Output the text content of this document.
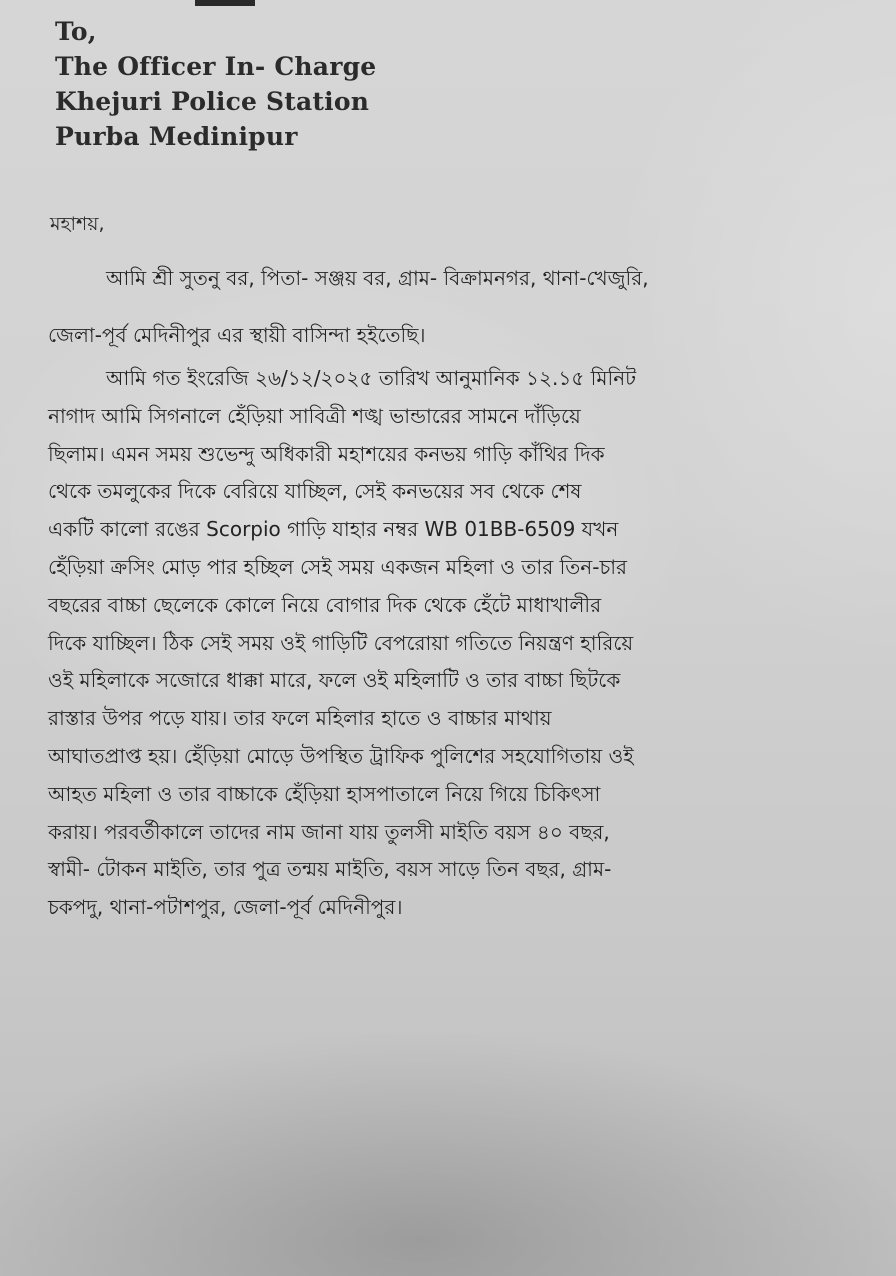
To,
The Officer In- Charge
Khejuri Police Station
Purba Medinipur
মহাশয়,
আমি শ্রী সুতনু বর, পিতা- সঞ্জয় বর, গ্রাম- বিক্রামনগর, থানা-খেজুরি,
জেলা-পূর্ব মেদিনীপুর এর স্থায়ী বাসিন্দা হইতেছি।
আমি গত ইংরেজি ২৬/১২/২০২৫ তারিখ আনুমানিক ১২.১৫ মিনিট
নাগাদ আমি সিগনালে হেঁড়িয়া সাবিত্রী শঙ্খ ভান্ডারের সামনে দাঁড়িয়ে
ছিলাম। এমন সময় শুভেন্দু অধিকারী মহাশয়ের কনভয় গাড়ি কাঁথির দিক
থেকে তমলুকের দিকে বেরিয়ে যাচ্ছিল, সেই কনভয়ের সব থেকে শেষ
একটি কালো রঙের Scorpio গাড়ি যাহার নম্বর WB 01BB-6509 যখন
হেঁড়িয়া ক্রসিং মোড় পার হচ্ছিল সেই সময় একজন মহিলা ও তার তিন-চার
বছরের বাচ্চা ছেলেকে কোলে নিয়ে বোগার দিক থেকে হেঁটে মাধাখালীর
দিকে যাচ্ছিল। ঠিক সেই সময় ওই গাড়িটি বেপরোয়া গতিতে নিয়ন্ত্রণ হারিয়ে
ওই মহিলাকে সজোরে ধাক্কা মারে, ফলে ওই মহিলাটি ও তার বাচ্চা ছিটকে
রাস্তার উপর পড়ে যায়। তার ফলে মহিলার হাতে ও বাচ্চার মাথায়
আঘাতপ্রাপ্ত হয়। হেঁড়িয়া মোড়ে উপস্থিত ট্রাফিক পুলিশের সহযোগিতায় ওই
আহত মহিলা ও তার বাচ্চাকে হেঁড়িয়া হাসপাতালে নিয়ে গিয়ে চিকিৎসা
করায়। পরবর্তীকালে তাদের নাম জানা যায় তুলসী মাইতি বয়স ৪০ বছর,
স্বামী- টোকন মাইতি, তার পুত্র তন্ময় মাইতি, বয়স সাড়ে তিন বছর, গ্রাম-
চকপদু, থানা-পটাশপুর, জেলা-পূর্ব মেদিনীপুর।
